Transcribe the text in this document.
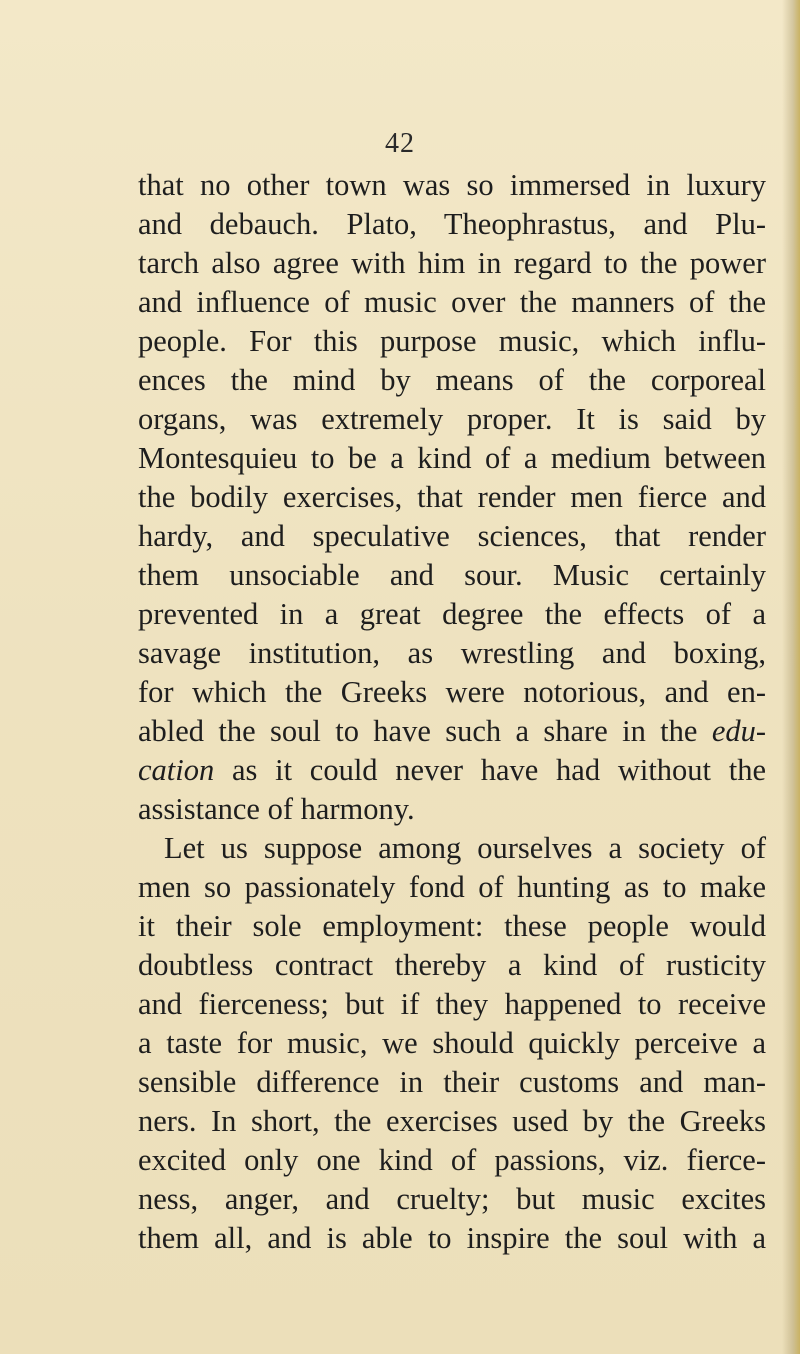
42
that no other town was so immersed in luxury
and debauch. Plato, Theophrastus, and Plu-
tarch also agree with him in regard to the power
and influence of music over the manners of the
people. For this purpose music, which influ-
ences the mind by means of the corporeal
organs, was extremely proper. It is said by
Montesquieu to be a kind of a medium between
the bodily exercises, that render men fierce and
hardy, and speculative sciences, that render
them unsociable and sour. Music certainly
prevented in a great degree the effects of a
savage institution, as wrestling and boxing,
for which the Greeks were notorious, and en-
abled the soul to have such a share in the edu-
cation as it could never have had without the
assistance of harmony.
Let us suppose among ourselves a society of
men so passionately fond of hunting as to make
it their sole employment: these people would
doubtless contract thereby a kind of rusticity
and fierceness; but if they happened to receive
a taste for music, we should quickly perceive a
sensible difference in their customs and man-
ners. In short, the exercises used by the Greeks
excited only one kind of passions, viz. fierce-
ness, anger, and cruelty; but music excites
them all, and is able to inspire the soul with a
